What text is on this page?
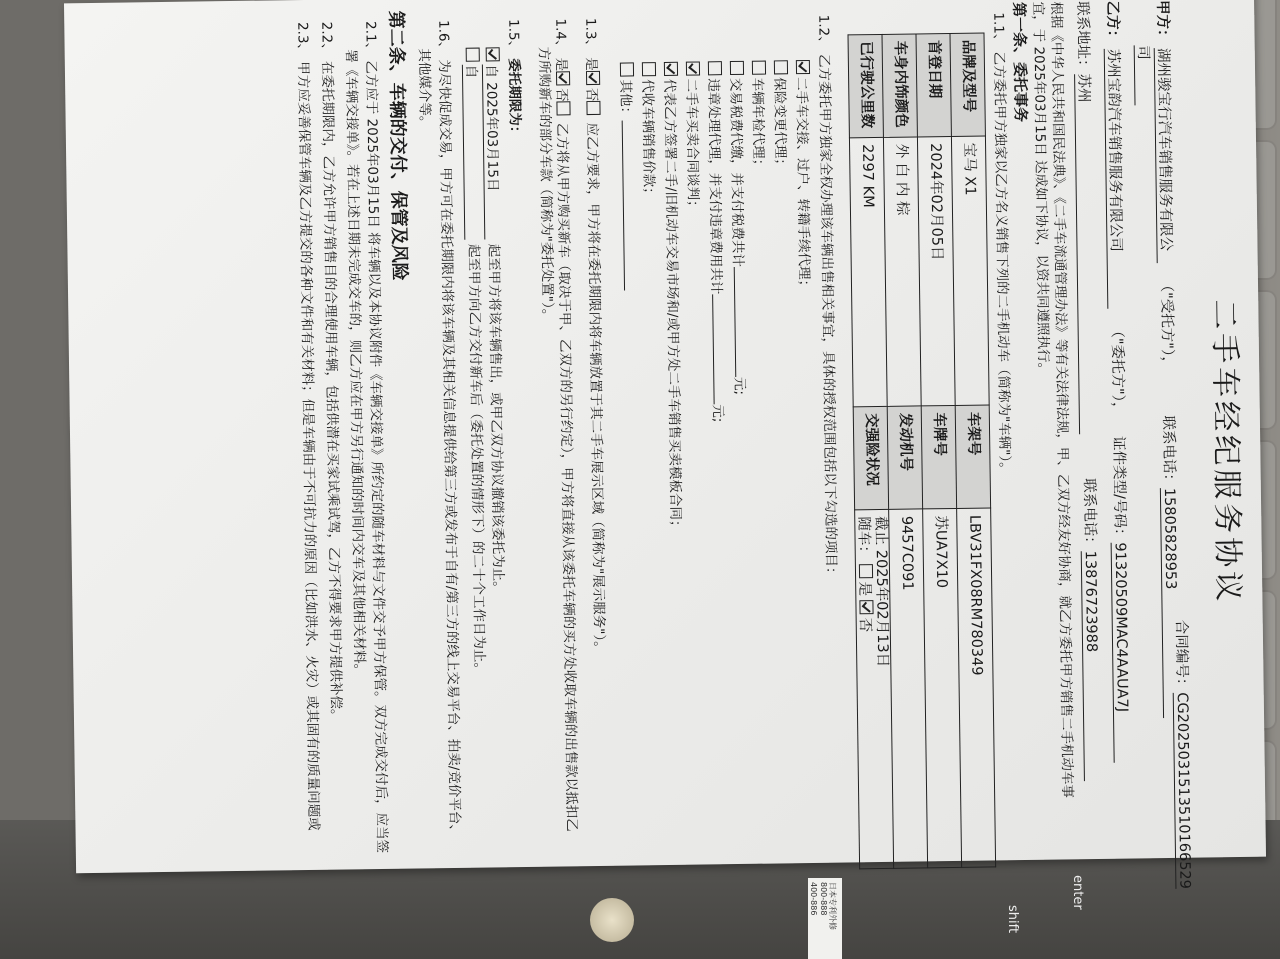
日本专利外修
800-888
400-886
二手车经纪服务协议
合同编号：CG2025031513510166529
甲方： 湖州骏宝行汽车销售服务有限公 （"受托方"）， 联系电话：15805828953
司
乙方： 苏州宝韵汽车销售服务有限公司 （"委托方"）， 证件类型/号码：91320509MAC4AAUA7J
联系地址：苏州 联系电话：13876723988
根据《中华人民共和国民法典》、《二手车流通管理办法》等有关法律法规，甲、乙双方经友好协商，就乙方委托甲方销售二手机动车事
宜，于 2025年03月15日 达成如下协议，以资共同遵照执行。
第一条、委托事务
1.1、 乙方委托甲方独家以乙方名义销售下列的二手机动车（简称为"车辆"）。
品牌及型号	宝马 X1	车架号	LBV31FX08RM780349
首登日期	2024年02月05日	车牌号	苏UA7X10
车身内饰颜色	外 白 内 棕	发动机号	9457C091
已行驶公里数	2297 KM	交强险状况	截止 2025年02月13日
随车： 是 否
1.2、 乙方委托甲方独家全权办理该车辆出售相关事宜，具体的授权范围包括以下勾选的项目：
二手车交接、过户、转籍手续代理；
保险变更代理；
车辆年检代理；
交易税费代缴，并支付税费共计元;
违章处理代理，并支付违章费用共计元;
二手车买卖合同谈判；
代表乙方签署二手/旧机动车交易市场和/或甲方处二手车销售买卖模板合同；
代收车辆销售价款；
其他：
1.3、 是否 应乙方要求，甲方将在委托期限内将车辆放置于其二手车展示区域（简称为"展示服务"）。
1.4、 是否 乙方将从甲方购买新车（取决于甲、乙双方的另行约定），甲方将直接从该委托车辆的买方处收取车辆的出售款以抵扣乙
方所购新车的部分车款（简称为"委托处置"）。
1.5、 委托期限为：
自 2025年03月15日 起至甲方将该车辆售出，或甲乙双方协议撤销该委托为止。
自 起至甲方向乙方交付新车后（委托处置的情形下）的二十个工作日为止。
1.6、 为尽快促成交易，甲方可在委托期限内将该车辆及其相关信息提供给第三方或发布于自有/第三方的线上交易平台、拍卖/竞价平台、
其他媒介等。
第二条、车辆的交付、保管及风险
2.1、 乙方应于 2025年03月15日 将车辆以及本协议附件《车辆交接单》所约定的随车材料与文件交予甲方保管。双方完成交付后，应当签
署《车辆交接单》。若在上述日期未完成交车的，则乙方应在甲方另行通知的时间内交车及其他相关材料。
2.2、 在委托期限内，乙方允许甲方销售目的合理使用车辆，包括供潜在买家试乘试驾，乙方不得要求甲方提供补偿。
2.3、 甲方应妥善保管车辆及乙方提交的各种文件和有关材料；但是车辆由于不可抗力的原因（比如洪水、火灾）或其固有的质量问题或
enter
shift
